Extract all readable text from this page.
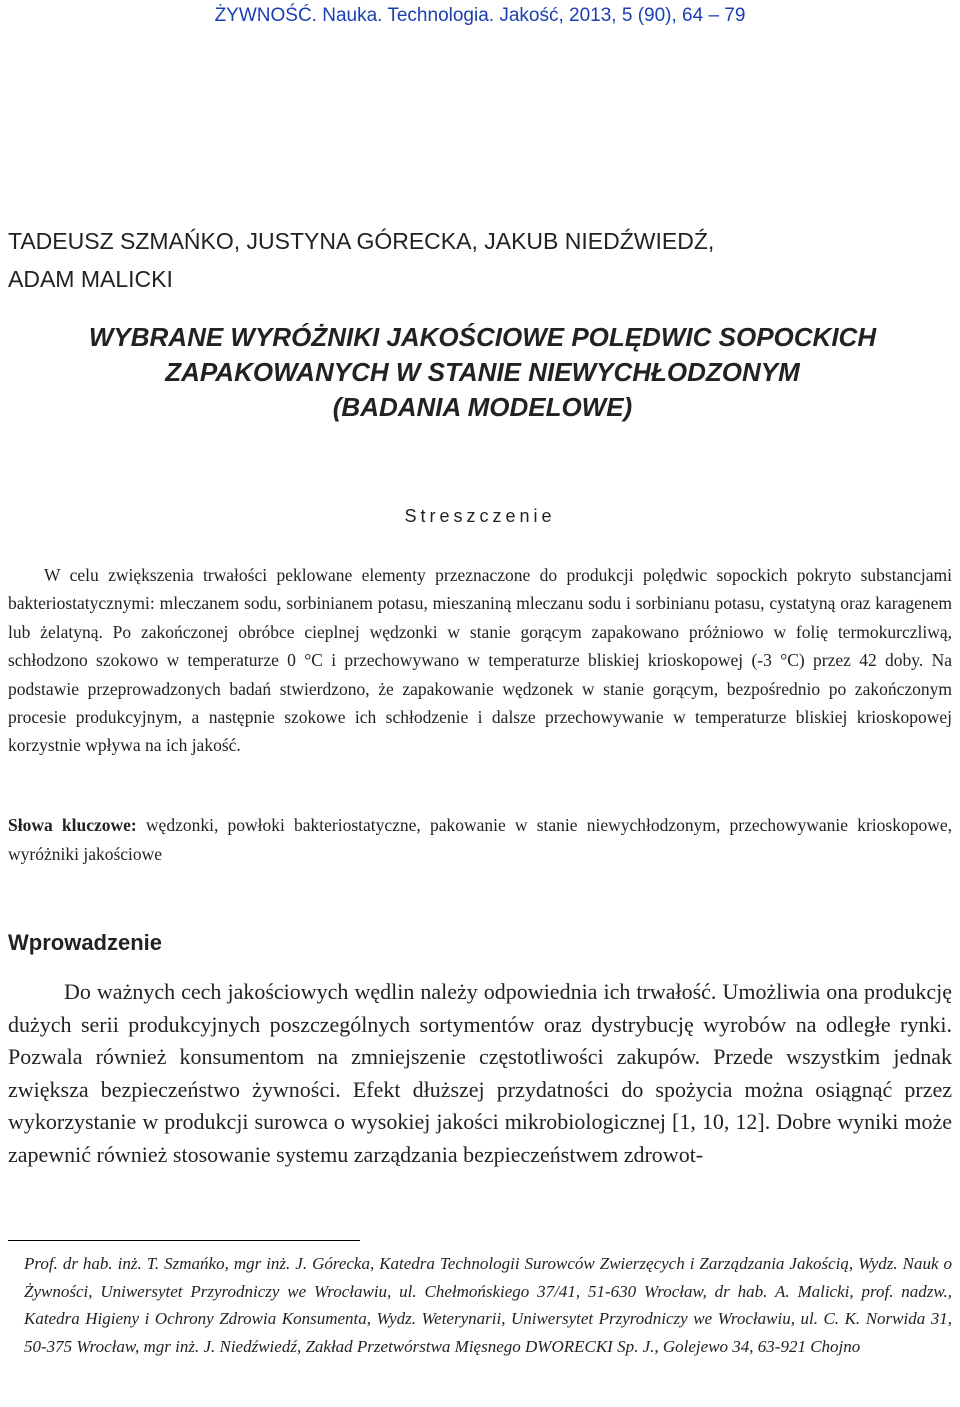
ŻYWNOŚĆ. Nauka. Technologia. Jakość, 2013, 5 (90), 64 – 79
TADEUSZ SZMAŃKO, JUSTYNA GÓRECKA, JAKUB NIEDŹWIEDŹ,
ADAM MALICKI
WYBRANE WYRÓŻNIKI JAKOŚCIOWE POLĘDWIC SOPOCKICH
ZAPAKOWANYCH W STANIE NIEWYCHŁODZONYM
(BADANIA MODELOWE)
Streszczenie

W celu zwiększenia trwałości peklowane elementy przeznaczone do produkcji polędwic sopockich pokryto substancjami bakteriostatycznymi: mleczanem sodu, sorbinianem potasu, mieszaniną mleczanu sodu i sorbinianu potasu, cystatyną oraz karagenem lub żelatyną. Po zakończonej obróbce cieplnej wędzonki w stanie gorącym zapakowano próżniowo w folię termokurczliwą, schłodzono szokowo w temperaturze 0 °C i przechowywano w temperaturze bliskiej krioskopowej (-3 °C) przez 42 doby. Na podstawie przeprowadzonych badań stwierdzono, że zapakowanie wędzonek w stanie gorącym, bezpośrednio po zakończonym procesie produkcyjnym, a następnie szokowe ich schłodzenie i dalsze przechowywanie w temperaturze bliskiej krioskopowej korzystnie wpływa na ich jakość.

Słowa kluczowe: wędzonki, powłoki bakteriostatyczne, pakowanie w stanie niewychłodzonym, przechowywanie krioskopowe, wyróżniki jakościowe

Wprowadzenie

Do ważnych cech jakościowych wędlin należy odpowiednia ich trwałość. Umożliwia ona produkcję dużych serii produkcyjnych poszczególnych sortymentów oraz dystrybucję wyrobów na odległe rynki. Pozwala również konsumentom na zmniejszenie częstotliwości zakupów. Przede wszystkim jednak zwiększa bezpieczeństwo żywności. Efekt dłuższej przydatności do spożycia można osiągnąć przez wykorzystanie w produkcji surowca o wysokiej jakości mikrobiologicznej [1, 10, 12]. Dobre wyniki może zapewnić również stosowanie systemu zarządzania bezpieczeństwem zdrowot-

Prof. dr hab. inż. T. Szmańko, mgr inż. J. Górecka, Katedra Technologii Surowców Zwierzęcych i Zarządzania Jakością, Wydz. Nauk o Żywności, Uniwersytet Przyrodniczy we Wrocławiu, ul. Chełmońskiego 37/41, 51-630 Wrocław, dr hab. A. Malicki, prof. nadzw., Katedra Higieny i Ochrony Zdrowia Konsumenta, Wydz. Weterynarii, Uniwersytet Przyrodniczy we Wrocławiu, ul. C. K. Norwida 31, 50-375 Wrocław, mgr inż. J. Niedźwiedź, Zakład Przetwórstwa Mięsnego DWORECKI Sp. J., Golejewo 34, 63-921 Chojno
